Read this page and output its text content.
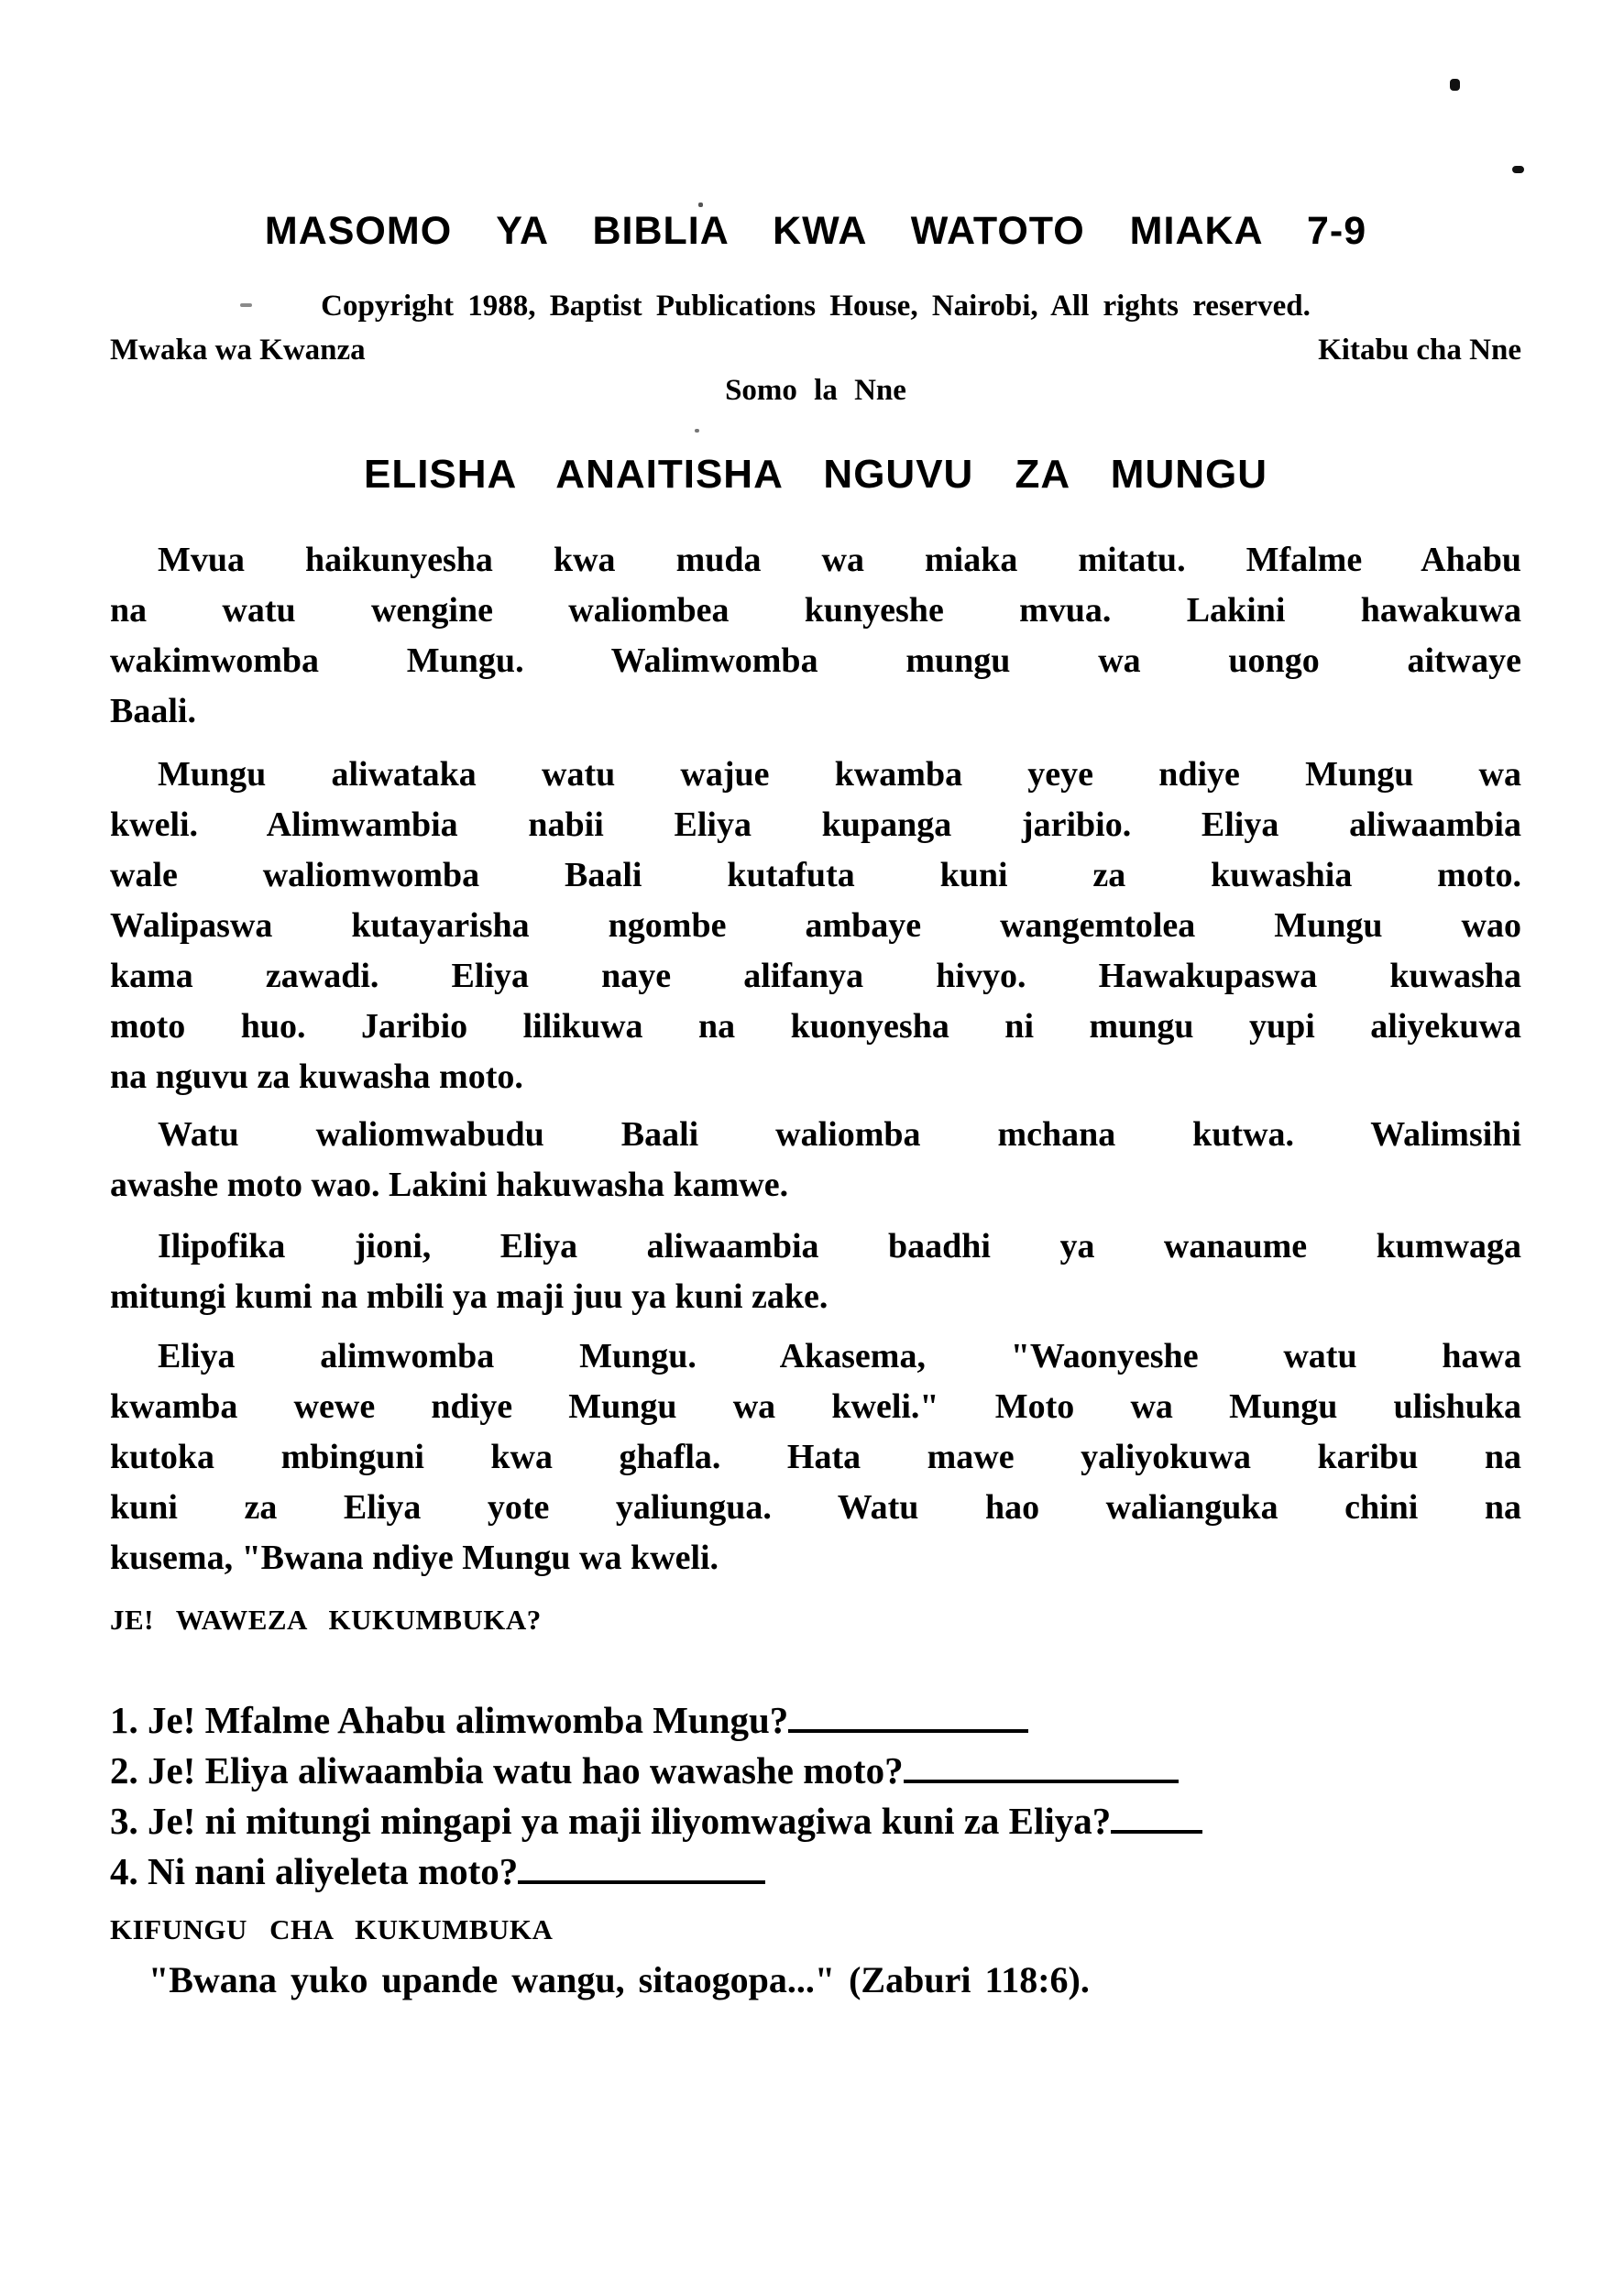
MASOMO YA BIBLIA KWA WATOTO MIAKA 7-9
Copyright 1988, Baptist Publications House, Nairobi, All rights reserved.
Mwaka wa Kwanza	Kitabu cha Nne
Somo la Nne
ELISHA ANAITISHA NGUVU ZA MUNGU
Mvua haikunyesha kwa muda wa miaka mitatu. Mfalme Ahabu
na watu wengine waliombea kunyeshe mvua. Lakini hawakuwa
wakimwomba Mungu. Walimwomba mungu wa uongo aitwaye
Baali.
Mungu aliwataka watu wajue kwamba yeye ndiye Mungu wa
kweli. Alimwambia nabii Eliya kupanga jaribio. Eliya aliwaambia
wale waliomwomba Baali kutafuta kuni za kuwashia moto.
Walipaswa kutayarisha ngombe ambaye wangemtolea Mungu wao
kama zawadi. Eliya naye alifanya hivyo. Hawakupaswa kuwasha
moto huo. Jaribio lilikuwa na kuonyesha ni mungu yupi aliyekuwa
na nguvu za kuwasha moto.
Watu waliomwabudu Baali waliomba mchana kutwa. Walimsihi
awashe moto wao. Lakini hakuwasha kamwe.
Ilipofika jioni, Eliya aliwaambia baadhi ya wanaume kumwaga
mitungi kumi na mbili ya maji juu ya kuni zake.
Eliya alimwomba Mungu. Akasema, "Waonyeshe watu hawa
kwamba wewe ndiye Mungu wa kweli." Moto wa Mungu ulishuka
kutoka mbinguni kwa ghafla. Hata mawe yaliyokuwa karibu na
kuni za Eliya yote yaliungua. Watu hao walianguka chini na
kusema, "Bwana ndiye Mungu wa kweli.
JE! WAWEZA KUKUMBUKA?
1. Je! Mfalme Ahabu alimwomba Mungu?
2. Je! Eliya aliwaambia watu hao wawashe moto?
3. Je! ni mitungi mingapi ya maji iliyomwagiwa kuni za Eliya?
4. Ni nani aliyeleta moto?
KIFUNGU CHA KUKUMBUKA
"Bwana yuko upande wangu, sitaogopa..." (Zaburi 118:6).
